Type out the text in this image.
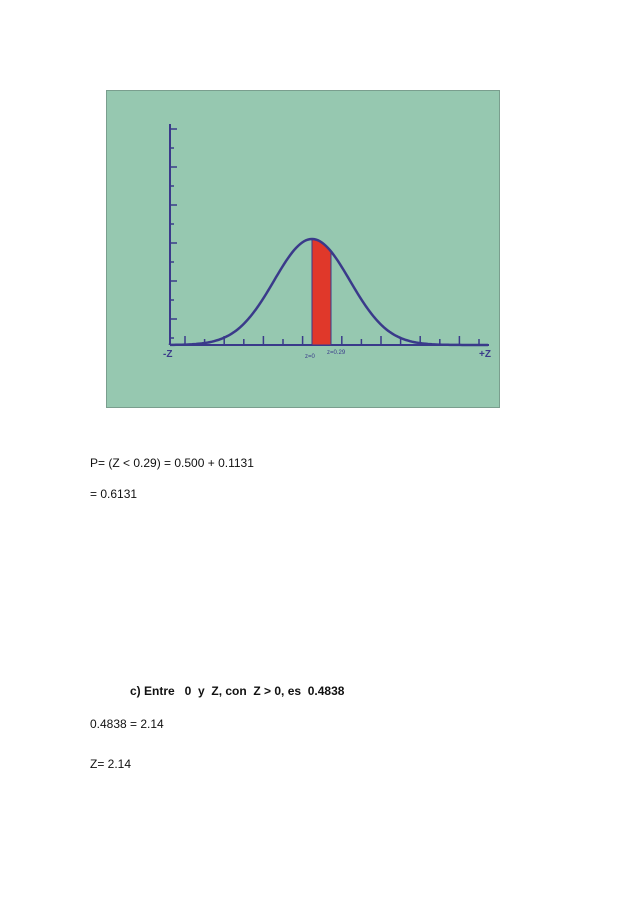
-Z	+Z
z=0
z=0.29
P= (Z < 0.29) = 0.500 + 0.1131
= 0.6131
c) Entre   0  y  Z, con  Z > 0, es  0.4838
0.4838 = 2.14
Z= 2.14
